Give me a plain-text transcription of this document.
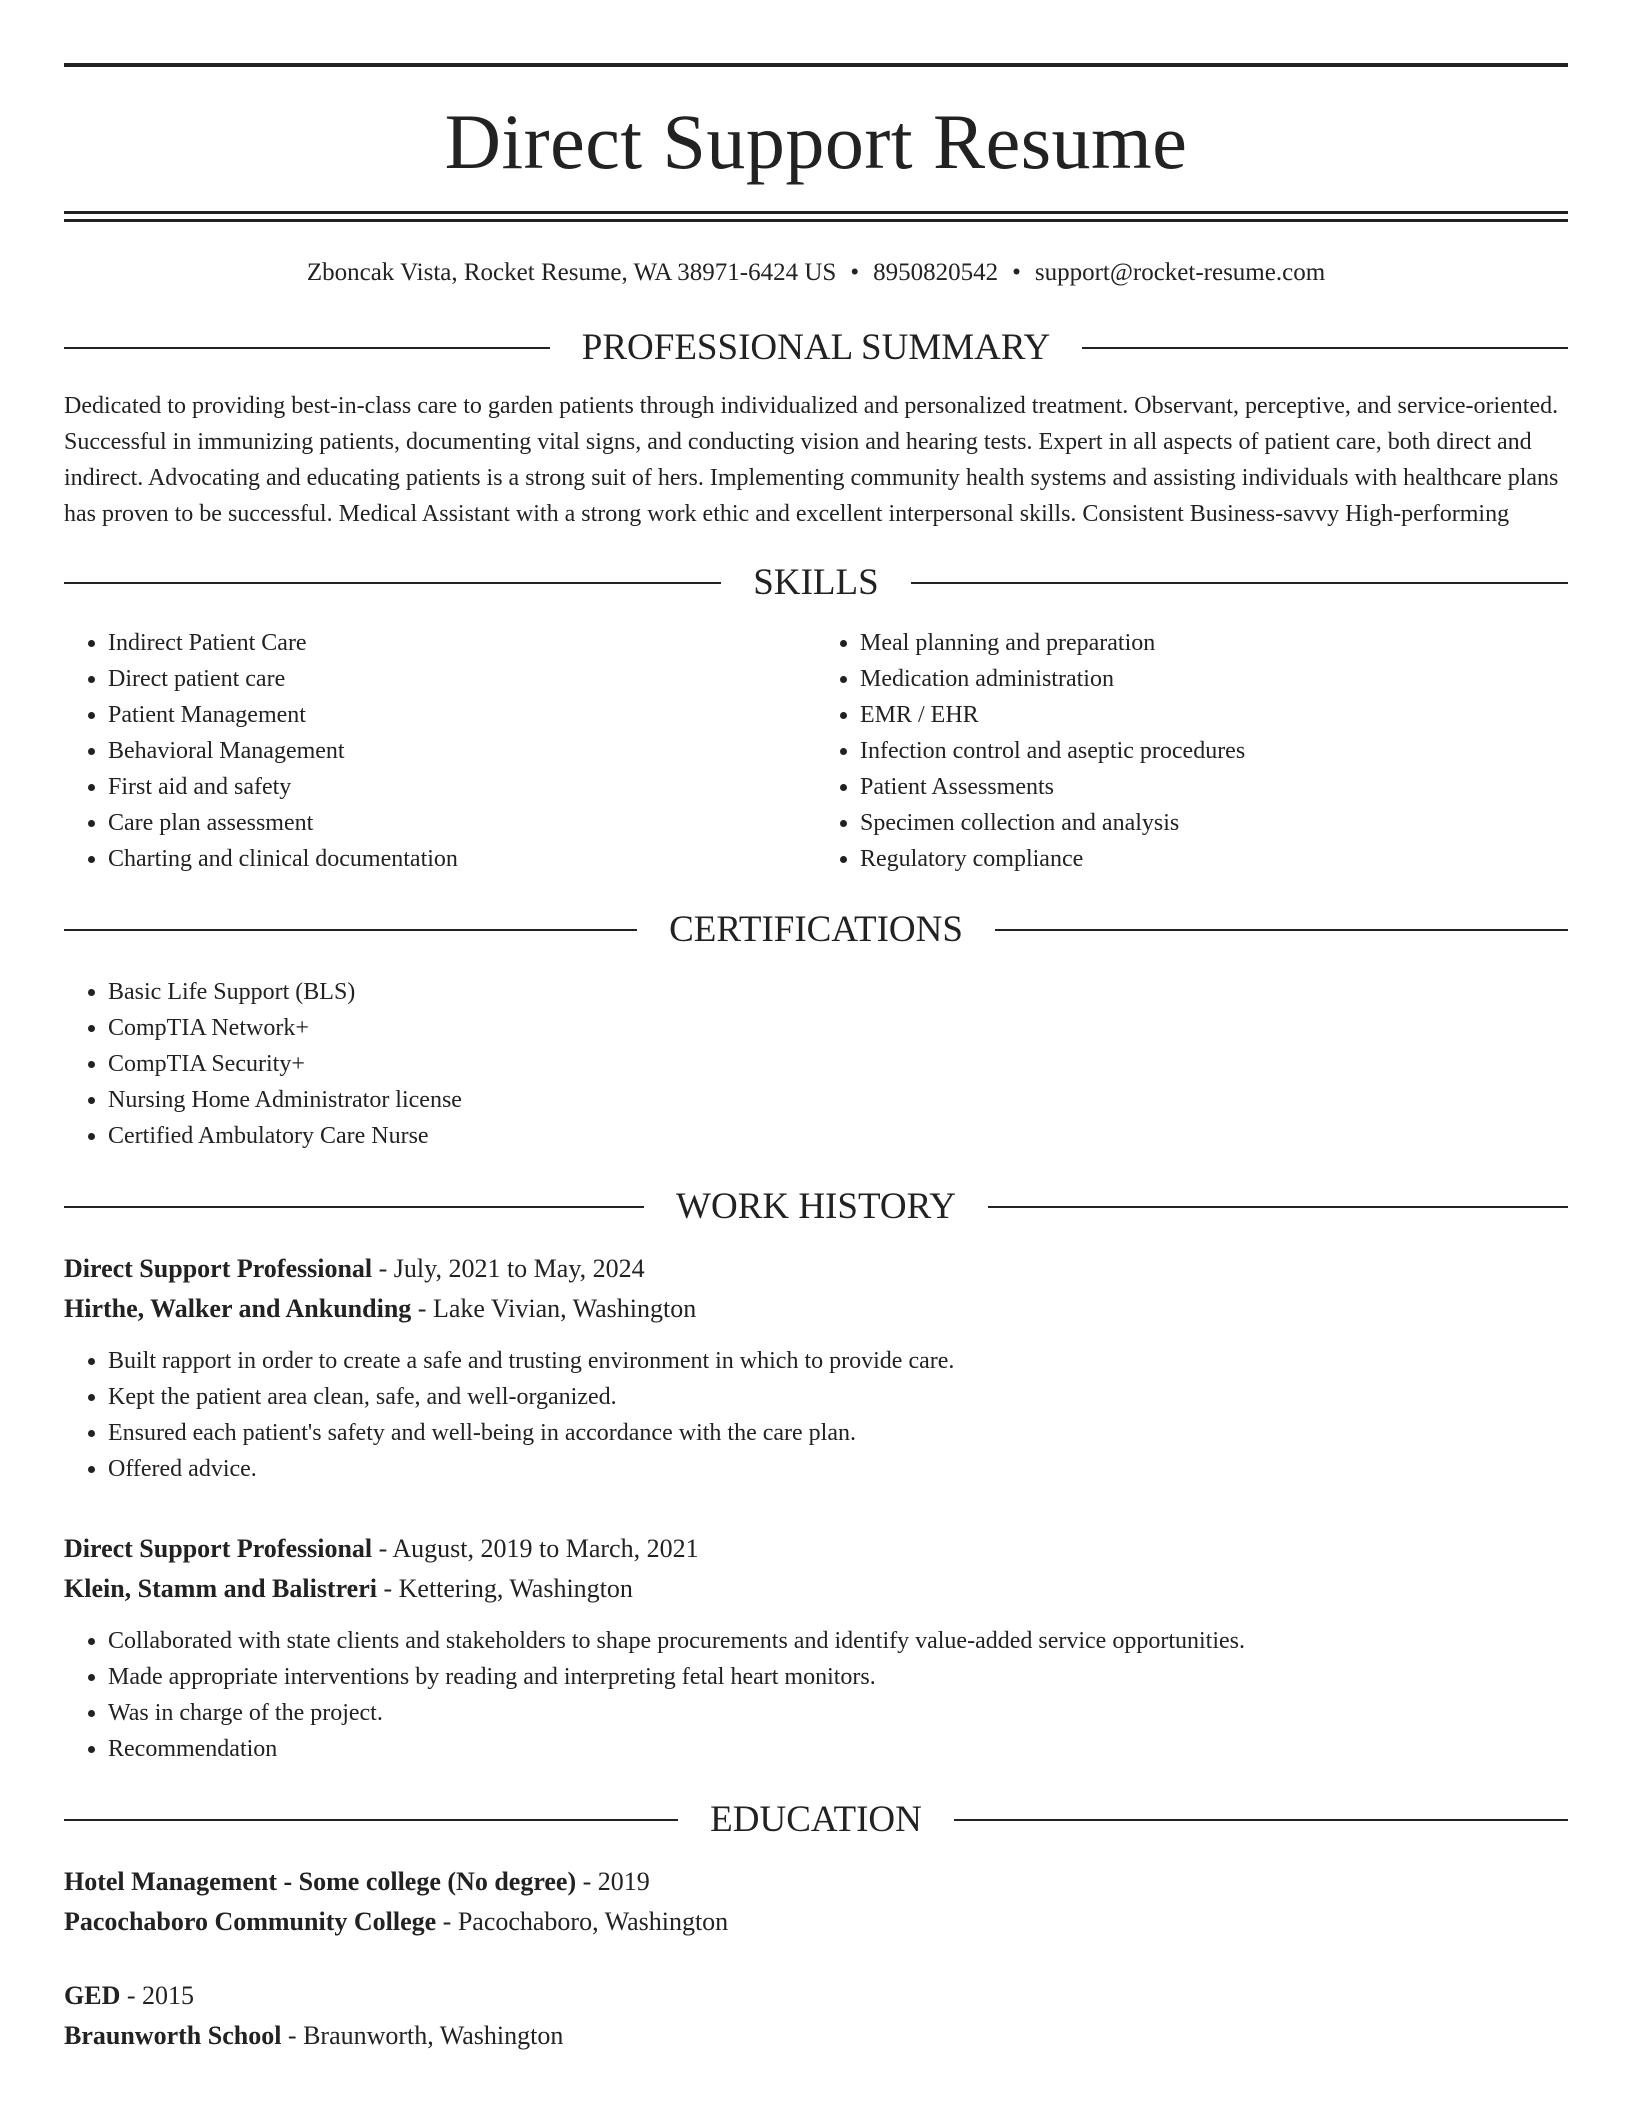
Direct Support Resume
Zboncak Vista, Rocket Resume, WA 38971-6424 US • 8950820542 • support@rocket-resume.com
PROFESSIONAL SUMMARY
Dedicated to providing best-in-class care to garden patients through individualized and personalized treatment. Observant, perceptive, and service-oriented. Successful in immunizing patients, documenting vital signs, and conducting vision and hearing tests. Expert in all aspects of patient care, both direct and indirect. Advocating and educating patients is a strong suit of hers. Implementing community health systems and assisting individuals with healthcare plans has proven to be successful. Medical Assistant with a strong work ethic and excellent interpersonal skills. Consistent Business-savvy High-performing
SKILLS
• Indirect Patient Care
• Direct patient care
• Patient Management
• Behavioral Management
• First aid and safety
• Care plan assessment
• Charting and clinical documentation
• Meal planning and preparation
• Medication administration
• EMR / EHR
• Infection control and aseptic procedures
• Patient Assessments
• Specimen collection and analysis
• Regulatory compliance
CERTIFICATIONS
• Basic Life Support (BLS)
• CompTIA Network+
• CompTIA Security+
• Nursing Home Administrator license
• Certified Ambulatory Care Nurse
WORK HISTORY
Direct Support Professional - July, 2021 to May, 2024
Hirthe, Walker and Ankunding - Lake Vivian, Washington
• Built rapport in order to create a safe and trusting environment in which to provide care.
• Kept the patient area clean, safe, and well-organized.
• Ensured each patient's safety and well-being in accordance with the care plan.
• Offered advice.
Direct Support Professional - August, 2019 to March, 2021
Klein, Stamm and Balistreri - Kettering, Washington
• Collaborated with state clients and stakeholders to shape procurements and identify value-added service opportunities.
• Made appropriate interventions by reading and interpreting fetal heart monitors.
• Was in charge of the project.
• Recommendation
EDUCATION
Hotel Management - Some college (No degree) - 2019
Pacochaboro Community College - Pacochaboro, Washington
GED - 2015
Braunworth School - Braunworth, Washington
